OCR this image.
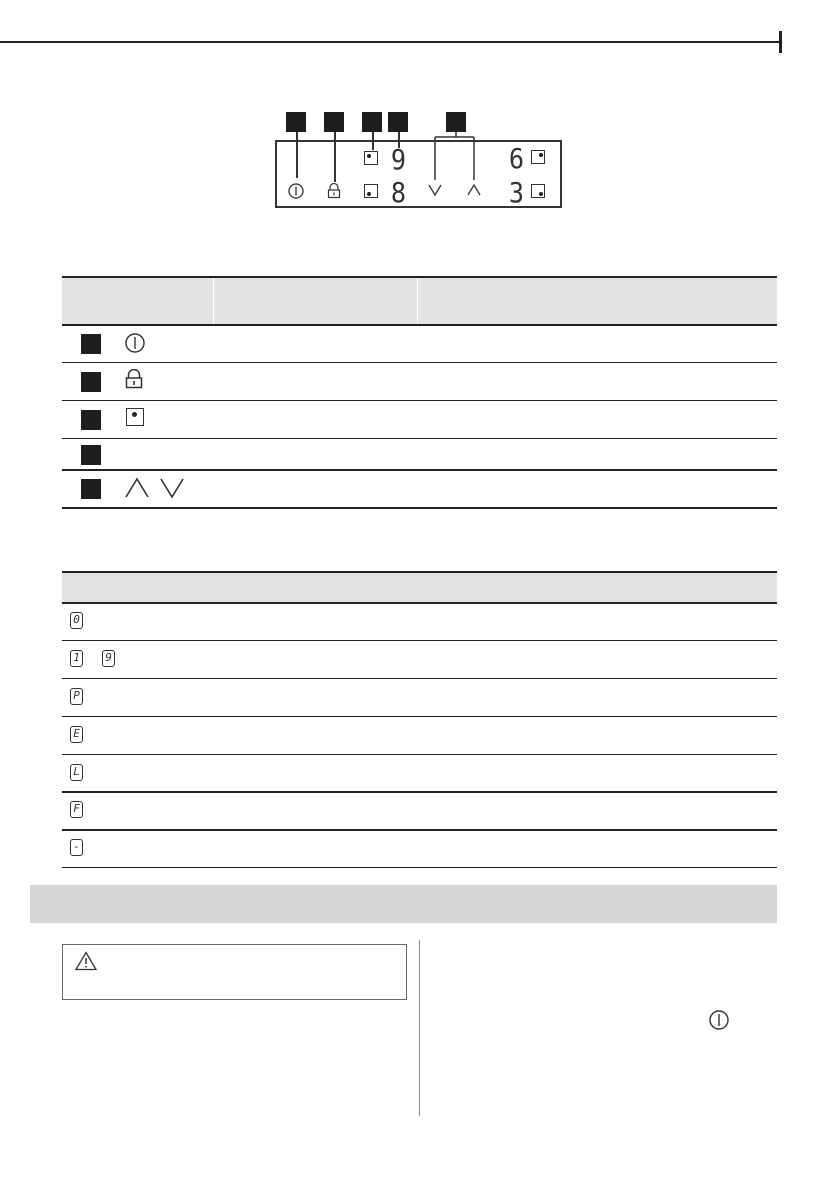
9
8
6
3
0
1 9
P
E
L
F
-
